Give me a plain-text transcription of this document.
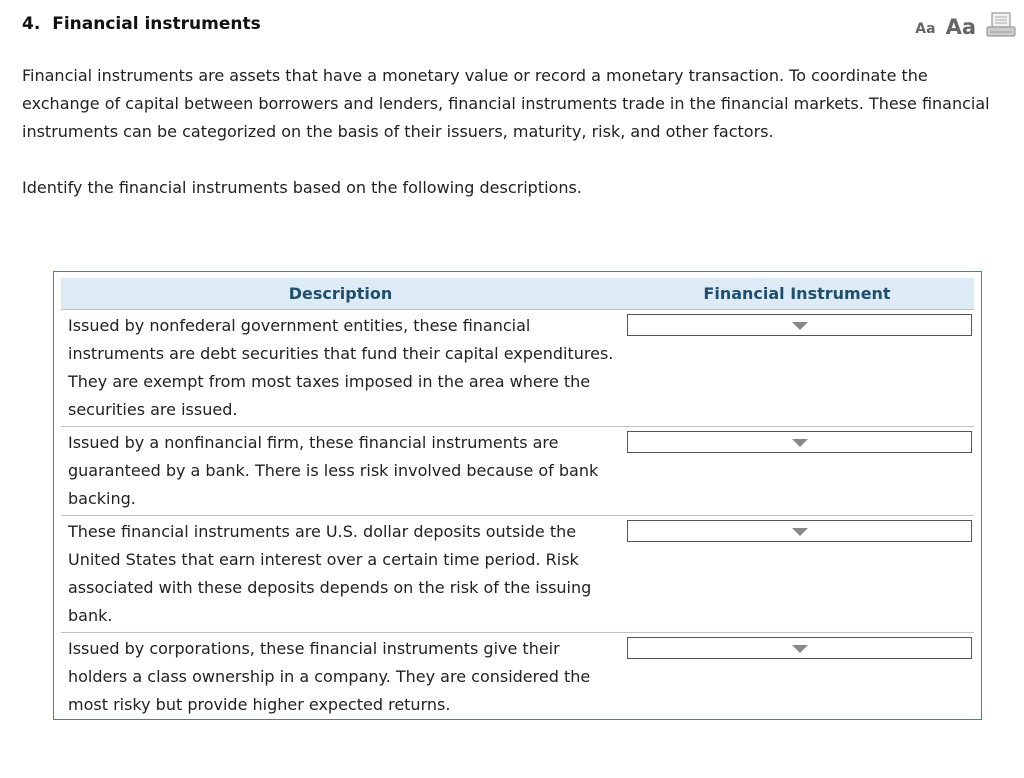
4. Financial instruments	Aa Aa

Financial instruments are assets that have a monetary value or record a monetary transaction. To coordinate the exchange of capital between borrowers and lenders, financial instruments trade in the financial markets. These financial instruments can be categorized on the basis of their issuers, maturity, risk, and other factors.

Identify the financial instruments based on the following descriptions.

Description	Financial Instrument
Issued by nonfederal government entities, these financial instruments are debt securities that fund their capital expenditures. They are exempt from most taxes imposed in the area where the securities are issued.	

Issued by a nonfinancial firm, these financial instruments are guaranteed by a bank. There is less risk involved because of bank backing.	

These financial instruments are U.S. dollar deposits outside the United States that earn interest over a certain time period. Risk associated with these deposits depends on the risk of the issuing bank.	

Issued by corporations, these financial instruments give their holders a class ownership in a company. They are considered the most risky but provide higher expected returns.	
